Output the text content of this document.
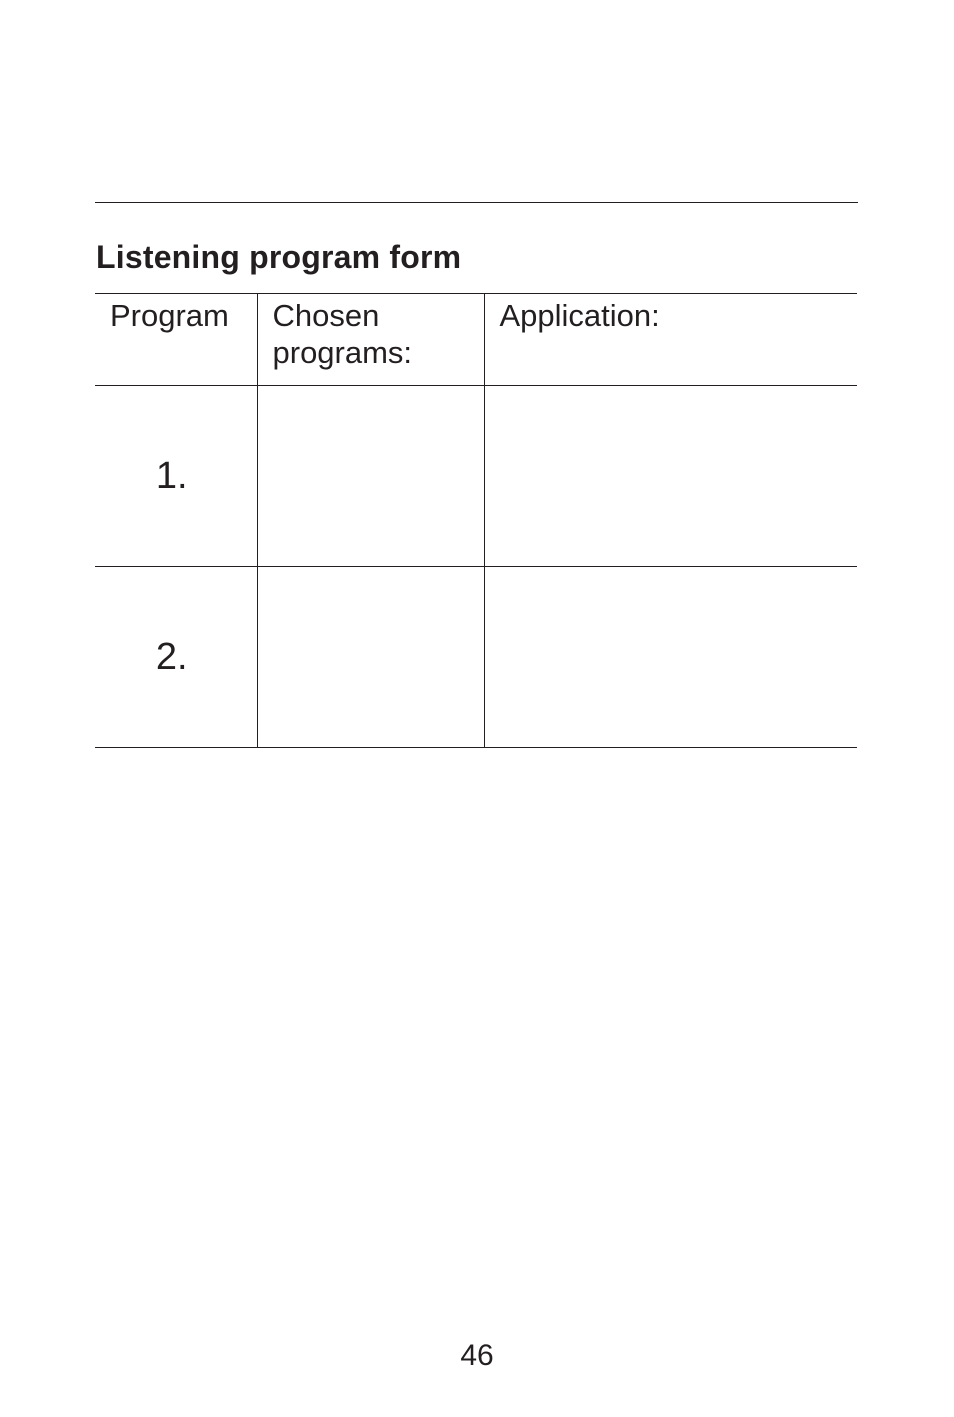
Listening program form
Program	Chosen programs:	Application:
1.		
2.		

46
